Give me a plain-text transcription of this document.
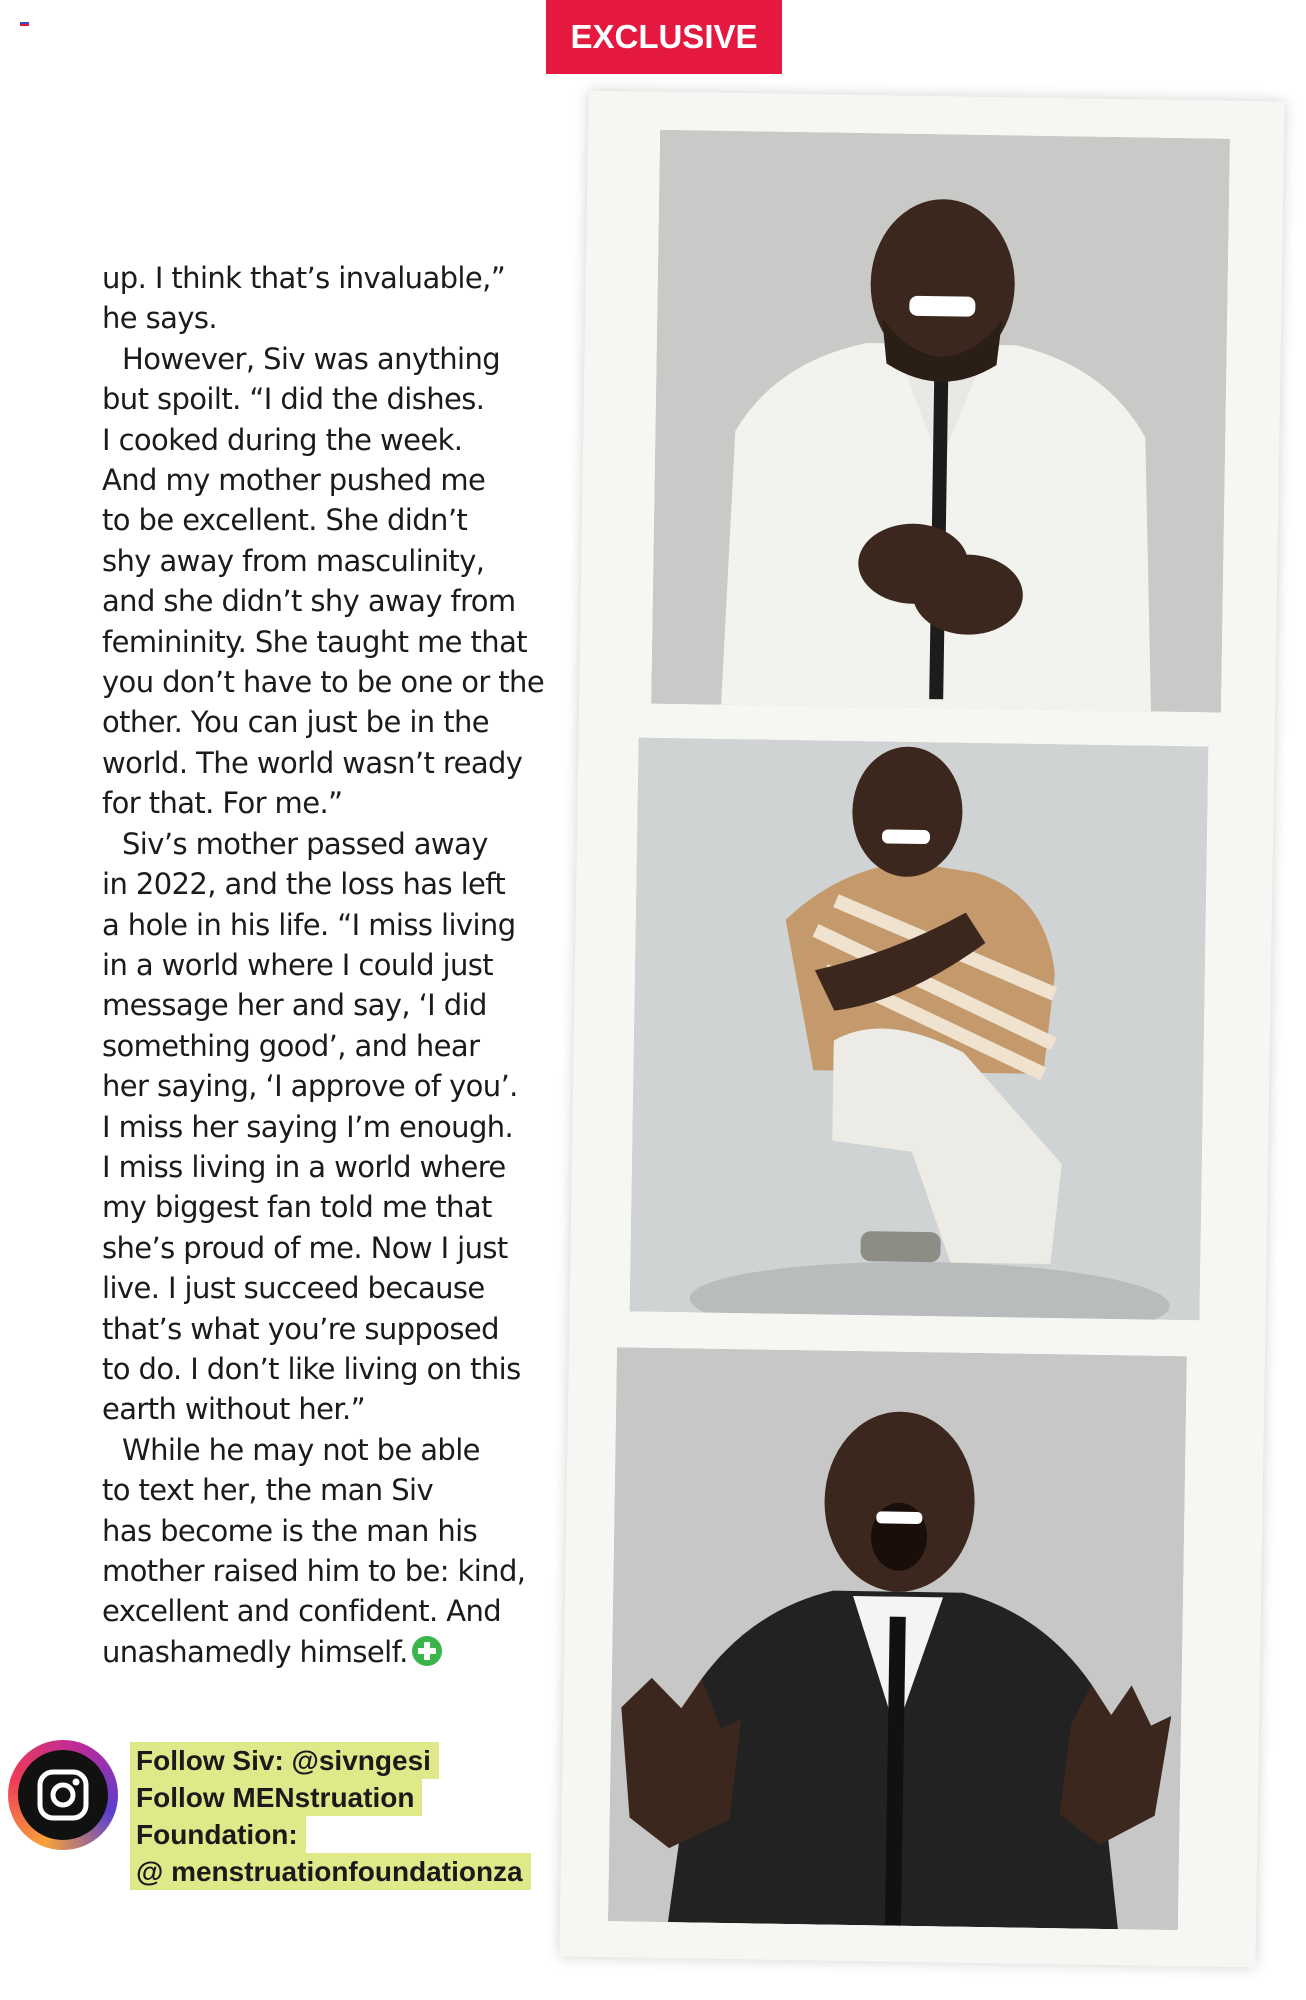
EXCLUSIVE
up. I think that’s invaluable,”
he says.
However, Siv was anything
but spoilt. “I did the dishes.
I cooked during the week.
And my mother pushed me
to be excellent. She didn’t
shy away from masculinity,
and she didn’t shy away from
femininity. She taught me that
you don’t have to be one or the
other. You can just be in the
world. The world wasn’t ready
for that. For me.”
Siv’s mother passed away
in 2022, and the loss has left
a hole in his life. “I miss living
in a world where I could just
message her and say, ‘I did
something good’, and hear
her saying, ‘I approve of you’.
I miss her saying I’m enough.
I miss living in a world where
my biggest fan told me that
she’s proud of me. Now I just
live. I just succeed because
that’s what you’re supposed
to do. I don’t like living on this
earth without her.”
While he may not be able
to text her, the man Siv
has become is the man his
mother raised him to be: kind,
excellent and confident. And
unashamedly himself.
Follow Siv: @sivngesi
Follow MENstruation
Foundation:
@ menstruationfoundationza
